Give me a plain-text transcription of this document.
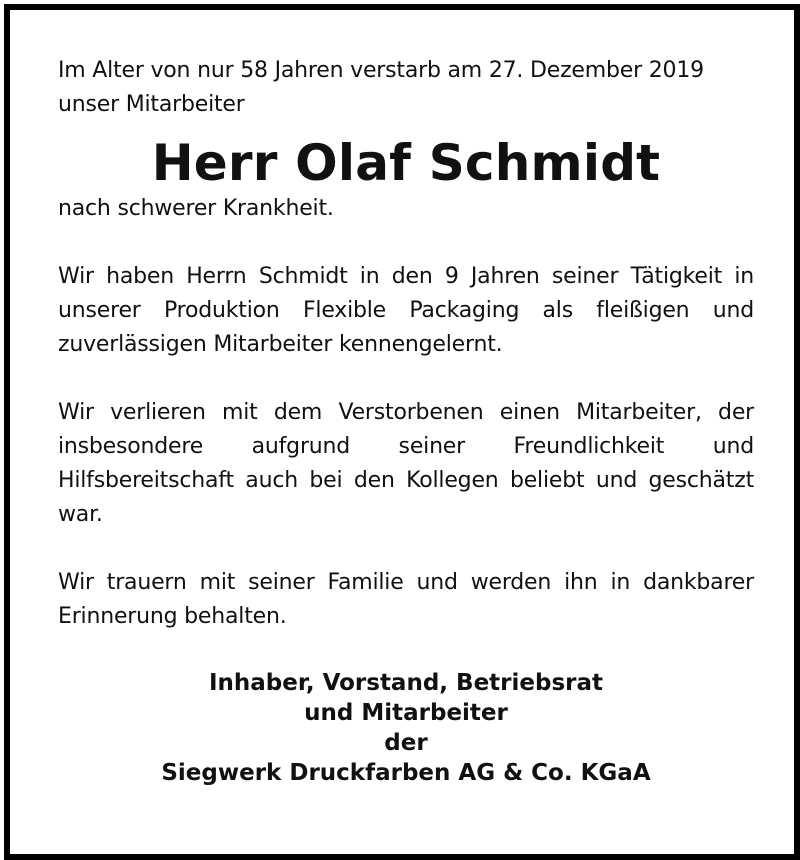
Im Alter von nur 58 Jahren verstarb am 27. Dezember 2019

unser Mitarbeiter

Herr Olaf Schmidt

nach schwerer Krankheit.

Wir haben Herrn Schmidt in den 9 Jahren seiner Tätigkeit in unserer Produktion Flexible Packaging als fleißigen und zuverlässigen Mitarbeiter kennengelernt.

Wir verlieren mit dem Verstorbenen einen Mitarbeiter, der insbesondere aufgrund seiner Freundlichkeit und Hilfsbereitschaft auch bei den Kollegen beliebt und geschätzt war.

Wir trauern mit seiner Familie und werden ihn in dankbarer Erinnerung behalten.

Inhaber, Vorstand, Betriebsrat
und Mitarbeiter
der
Siegwerk Druckfarben AG & Co. KGaA
